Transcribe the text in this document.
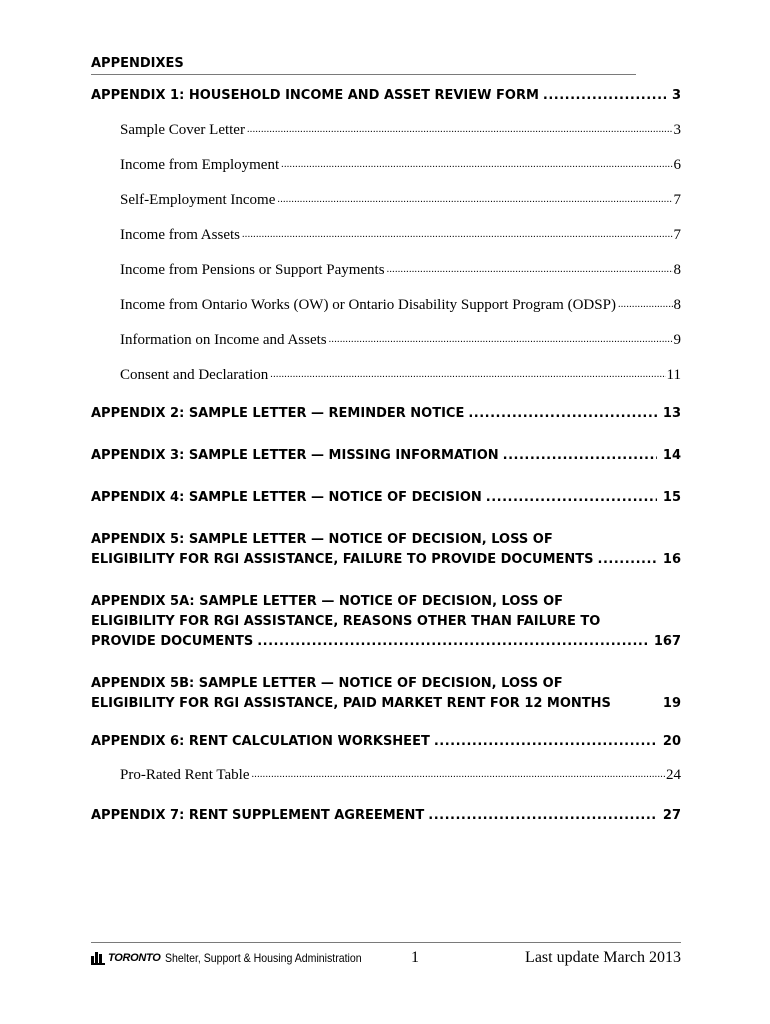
APPENDIXES
APPENDIX 1: HOUSEHOLD INCOME AND ASSET REVIEW FORM .....	3
Sample Cover Letter .....	3
Income from Employment .....	6
Self-Employment Income .....	7
Income from Assets .....	7
Income from Pensions or Support Payments .....	8
Income from Ontario Works (OW) or Ontario Disability Support Program (ODSP) .....	8
Information on Income and Assets .....	9
Consent and Declaration .....	11
APPENDIX 2: SAMPLE LETTER — REMINDER NOTICE .....	13
APPENDIX 3: SAMPLE LETTER — MISSING INFORMATION .....	14
APPENDIX 4: SAMPLE LETTER — NOTICE OF DECISION .....	15
APPENDIX 5: SAMPLE LETTER — NOTICE OF DECISION, LOSS OF
ELIGIBILITY FOR RGI ASSISTANCE, FAILURE TO PROVIDE DOCUMENTS .....	16
APPENDIX 5A: SAMPLE LETTER — NOTICE OF DECISION, LOSS OF
ELIGIBILITY FOR RGI ASSISTANCE, REASONS OTHER THAN FAILURE TO
PROVIDE DOCUMENTS .....	167
APPENDIX 5B: SAMPLE LETTER — NOTICE OF DECISION, LOSS OF
ELIGIBILITY FOR RGI ASSISTANCE, PAID MARKET RENT FOR 12 MONTHS	19
APPENDIX 6: RENT CALCULATION WORKSHEET .....	20
Pro-Rated Rent Table .....	24
APPENDIX 7: RENT SUPPLEMENT AGREEMENT .....	27
TORONTO Shelter, Support & Housing Administration	1	Last update March 2013
